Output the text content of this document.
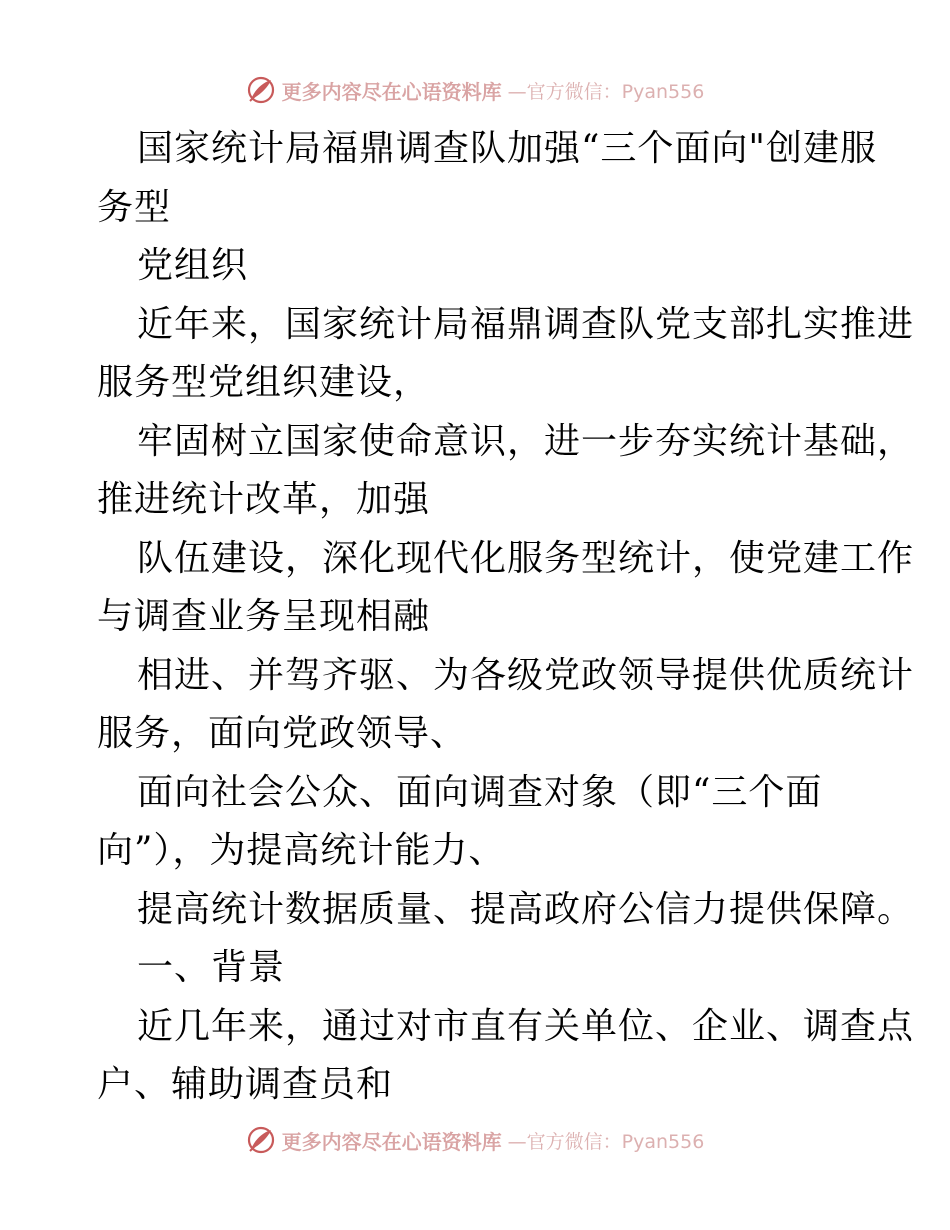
更多内容尽在心语资料库 —官方微信：Pyan556
国家统计局福鼎调查队加强“三个面向"创建服
务型
党组织
近年来，国家统计局福鼎调查队党支部扎实推进
服务型党组织建设，
牢固树立国家使命意识，进一步夯实统计基础，
推进统计改革，加强
队伍建设，深化现代化服务型统计，使党建工作
与调查业务呈现相融
相进、并驾齐驱、为各级党政领导提供优质统计
服务，面向党政领导、
面向社会公众、面向调查对象（即“三个面
向”），为提高统计能力、
提高统计数据质量、提高政府公信力提供保障。
一、背景
近几年来，通过对市直有关单位、企业、调查点
户、辅助调查员和
更多内容尽在心语资料库 —官方微信：Pyan556
